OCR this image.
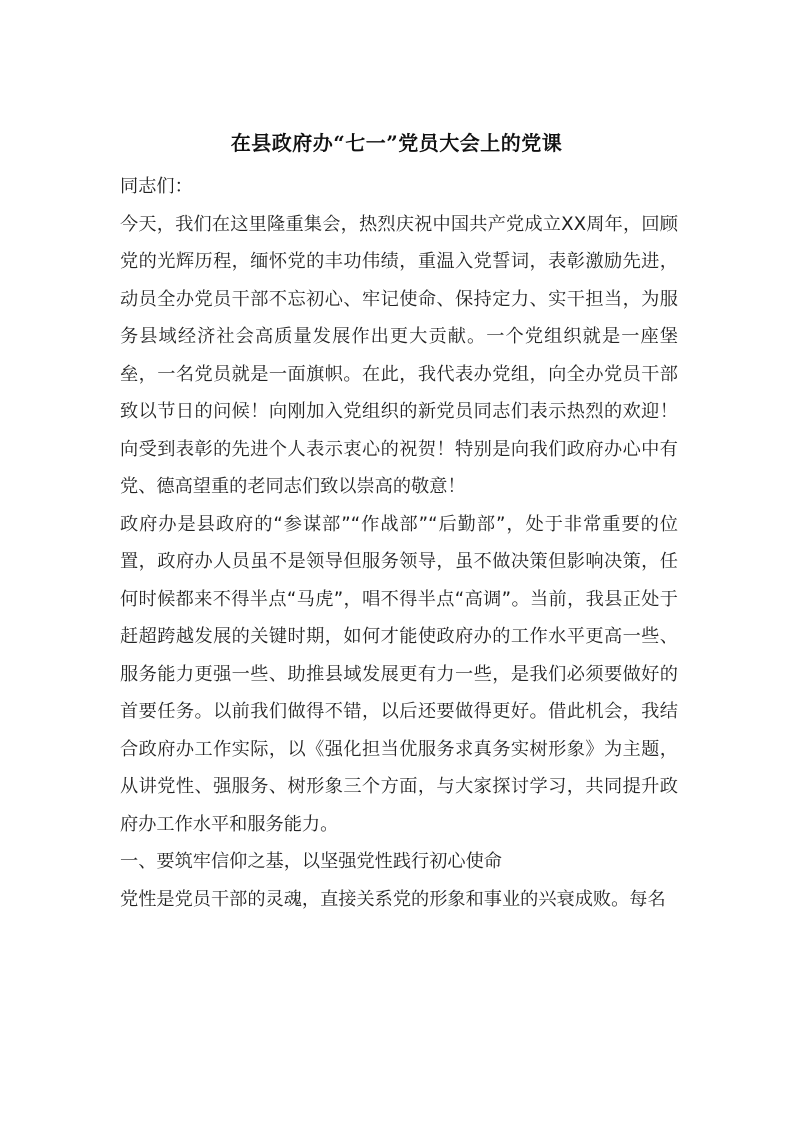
在县政府办“七一”党员大会上的党课

同志们：

今天，我们在这里隆重集会，热烈庆祝中国共产党成立XX周年，回顾党的光辉历程，缅怀党的丰功伟绩，重温入党誓词，表彰激励先进，动员全办党员干部不忘初心、牢记使命、保持定力、实干担当，为服务县域经济社会高质量发展作出更大贡献。一个党组织就是一座堡垒，一名党员就是一面旗帜。在此，我代表办党组，向全办党员干部致以节日的问候！向刚加入党组织的新党员同志们表示热烈的欢迎！向受到表彰的先进个人表示衷心的祝贺！特别是向我们政府办心中有党、德高望重的老同志们致以崇高的敬意！

政府办是县政府的“参谋部”“作战部”“后勤部”，处于非常重要的位置，政府办人员虽不是领导但服务领导，虽不做决策但影响决策，任何时候都来不得半点“马虎”，唱不得半点“高调”。当前，我县正处于赶超跨越发展的关键时期，如何才能使政府办的工作水平更高一些、服务能力更强一些、助推县域发展更有力一些，是我们必须要做好的首要任务。以前我们做得不错，以后还要做得更好。借此机会，我结合政府办工作实际，以《强化担当优服务求真务实树形象》为主题，从讲党性、强服务、树形象三个方面，与大家探讨学习，共同提升政府办工作水平和服务能力。

一、要筑牢信仰之基，以坚强党性践行初心使命

党性是党员干部的灵魂，直接关系党的形象和事业的兴衰成败。每名
